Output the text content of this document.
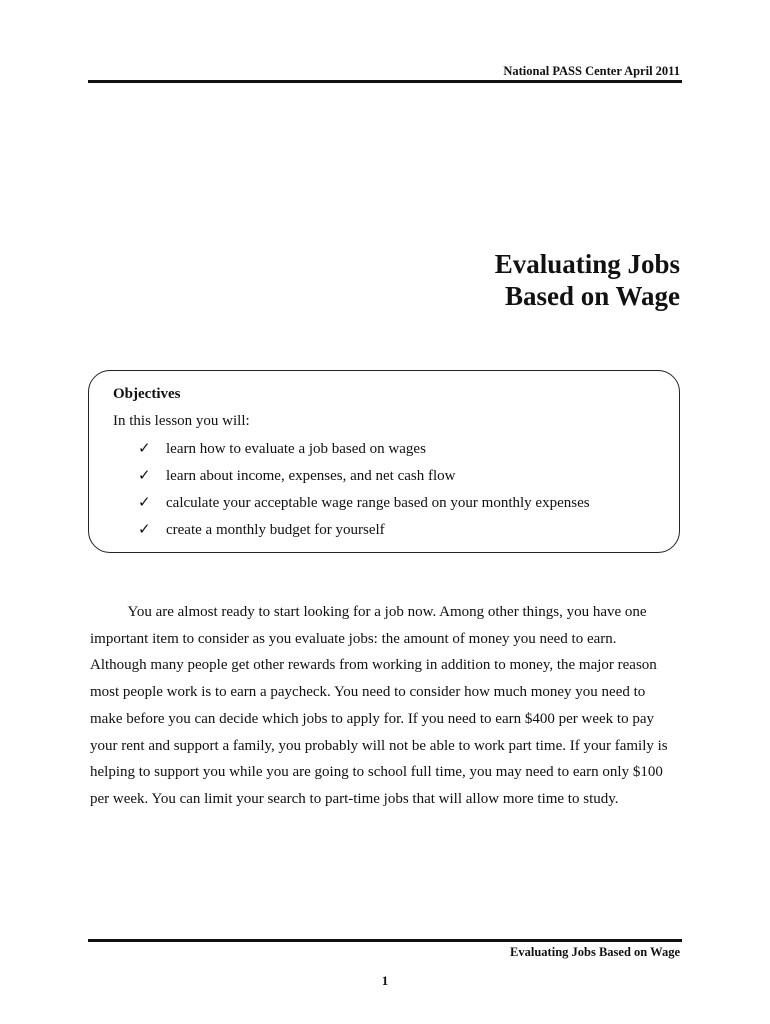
National PASS Center April 2011
Evaluating Jobs
Based on Wage
Objectives
In this lesson you will:
✓ learn how to evaluate a job based on wages
✓ learn about income, expenses, and net cash flow
✓ calculate your acceptable wage range based on your monthly expenses
✓ create a monthly budget for yourself
   You are almost ready to start looking for a job now. Among other things, you have one
important item to consider as you evaluate jobs: the amount of money you need to earn.
Although many people get other rewards from working in addition to money, the major reason
most people work is to earn a paycheck. You need to consider how much money you need to
make before you can decide which jobs to apply for. If you need to earn $400 per week to pay
your rent and support a family, you probably will not be able to work part time. If your family is
helping to support you while you are going to school full time, you may need to earn only $100
per week. You can limit your search to part-time jobs that will allow more time to study.
Evaluating Jobs Based on Wage
1
